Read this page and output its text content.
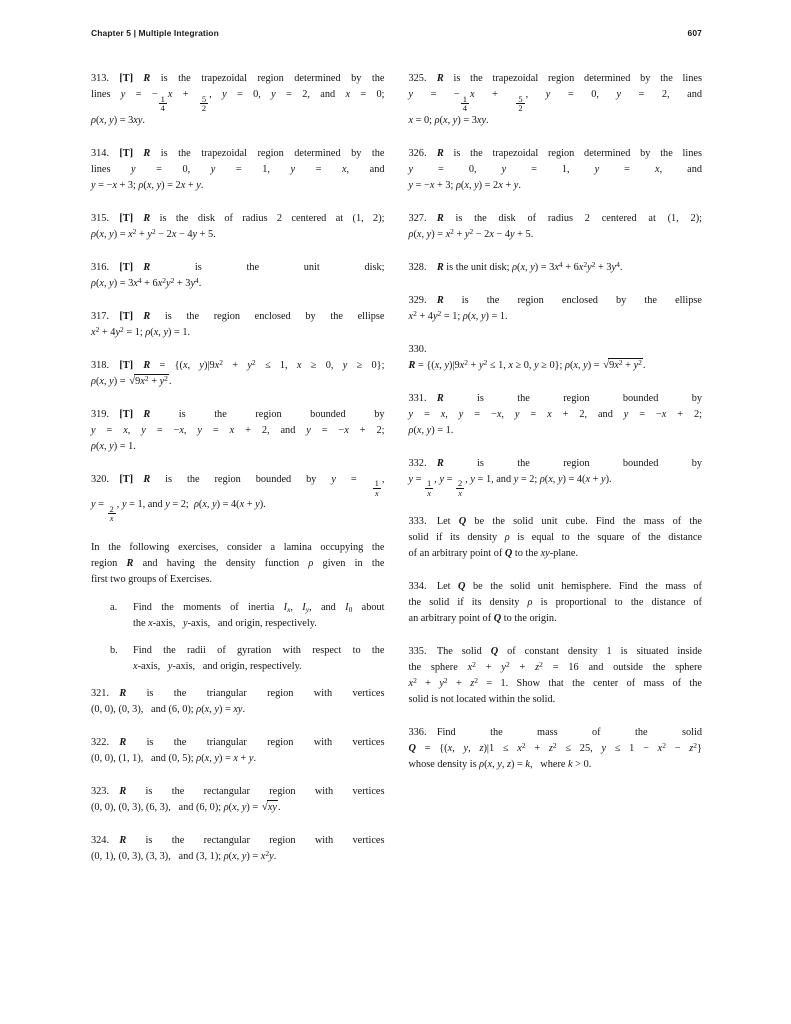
Chapter 5 | Multiple Integration	607
313.  [T]   R is the trapezoidal region determined by the
lines y = − $\frac{1}{4}$ $x + \frac{5}{2}$ , y = 0, y = 2, and x = 0;
ρ(x, y) = 3xy.
314.  [T]   R is the trapezoidal region determined by the
lines y = 0, y = 1, y = x, and
y = −x + 3; ρ(x, y) = 2x + y.
315.  [T]   R is the disk of radius 2 centered at (1, 2);
ρ(x, $y) = x^2 + y^2 - 2x - 4y + 5$.
316.  [T]   R is the unit disk;
ρ(x, $y) = 3x^4 + 6x^2y^2 + 3y^4$.
317.  [T]   R is the region enclosed by the ellipse
$x^2 + 4y^2 = 1$; ρ(x, y) = 1.
318.  [T]   R = {(x, $y)|9x^2 + y^2 \le 1$, x ≥ 0, y ≥ 0};
ρ(x, y) = √ $9x^2 + y^2$ .
319.  [T]   R is the region bounded by
y = x, y = −x, y = x + 2, and y = −x + 2;
ρ(x, y) = 1.
320.  [T]   R is the region bounded by $y = \frac{1}{x}$ ,
$y = \frac{2}{x}$ , y = 1, and y = 2; ρ(x, y) = 4(x + y).
In the following exercises, consider a lamina occupying the
region R and having the density function ρ given in the
first two groups of Exercises.
a.	Find the moments of inertia $I_x$, $I_y$, and $I_0$ about
the x-axis,  y-axis,  and origin, respectively.
b.	Find the radii of gyration with respect to the
x-axis,  y-axis,  and origin, respectively.
321.  R is the triangular region with vertices
(0, 0), (0, 3),  and (6, 0); ρ(x, y) = xy.
322.  R is the triangular region with vertices
(0, 0), (1, 1),  and (0, 5); ρ(x, y) = x + y.
323.  R is the rectangular region with vertices
(0, 0), (0, 3), (6, 3),  and (6, 0); ρ(x, y) = √ xy .
324.  R is the rectangular region with vertices
(0, 1), (0, 3), (3, 3),  and (3, 1); ρ(x, $y) = x^2y$.
325.  R is the trapezoidal region determined by the lines
y = − $\frac{1}{4}$ $x + \frac{5}{2}$ , y = 0, y = 2, and
x = 0; ρ(x, y) = 3xy.
326.  R is the trapezoidal region determined by the lines
y = 0, y = 1, y = x, and
y = −x + 3; ρ(x, y) = 2x + y.
327.  R is the disk of radius 2 centered at (1, 2);
ρ(x, $y) = x^2 + y^2 - 2x - 4y + 5$.
328.  R is the unit disk; ρ(x, $y) = 3x^4 + 6x^2y^2 + 3y^4$.
329.  R is the region enclosed by the ellipse
$x^2 + 4y^2 = 1$; ρ(x, y) = 1.
330.
R = {(x, $y)|9x^2 + y^2 \le 1$, x ≥ 0, y ≥ 0}; ρ(x, y) = √ $9x^2 + y^2$ .
331.  R is the region bounded by
y = x, y = −x, y = x + 2, and y = −x + 2;
ρ(x, y) = 1.
332.  R is the region bounded by
$y = \frac{1}{x}$ , $y = \frac{2}{x}$ , y = 1, and y = 2; ρ(x, y) = 4(x + y).
333.  Let Q be the solid unit cube. Find the mass of the
solid if its density ρ is equal to the square of the distance
of an arbitrary point of Q to the xy-plane.
334.  Let Q be the solid unit hemisphere. Find the mass of
the solid if its density ρ is proportional to the distance of
an arbitrary point of Q to the origin.
335.  The solid Q of constant density 1 is situated inside
the sphere $x^2 + y^2 + z^2 = 16$ and outside the sphere
$x^2 + y^2 + z^2 = 1$. Show that the center of mass of the
solid is not located within the solid.
336.  Find the mass of the solid
Q = {(x, y, $z)|1 \le x^2 + z^2 \le 25$, $y \le 1 - x^2 - z^2$}
whose density is ρ(x, y, z) = k,  where k > 0.
